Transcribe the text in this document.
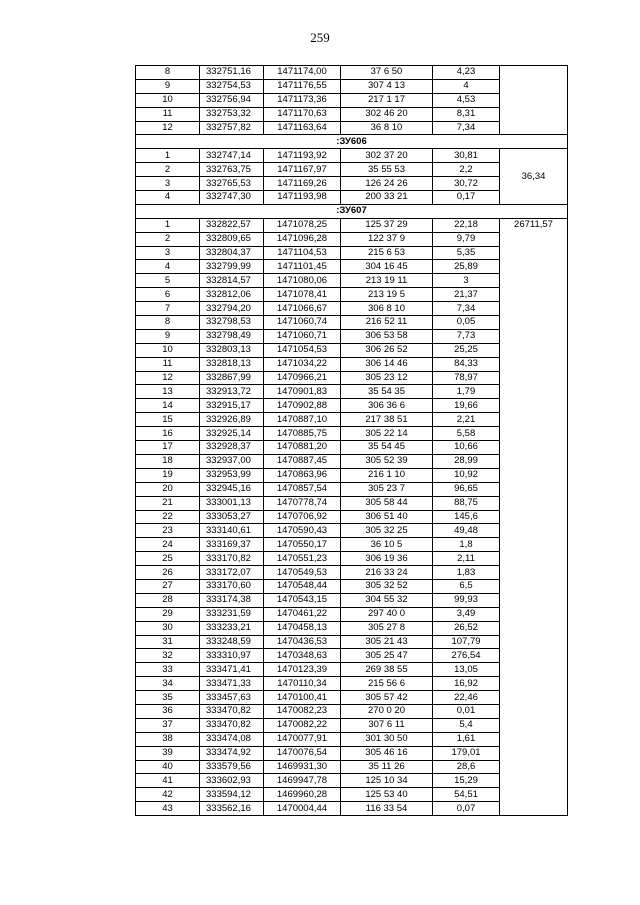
259
8	332751,16	1471174,00	37 6 50	4,23	
9	332754,53	1471176,55	307 4 13	4	
10	332756,94	1471173,36	217 1 17	4,53	
11	332753,32	1471170,63	302 46 20	8,31	
12	332757,82	1471163,64	36 8 10	7,34	
:ЗУ606					
1	332747,14	1471193,92	302 37 20	30,81	36,34
2	332763,75	1471167,97	35 55 53	2,2	
3	332765,53	1471169,26	126 24 26	30,72	
4	332747,30	1471193,98	200 33 21	0,17	
:ЗУ607					
1	332822,57	1471078,25	125 37 29	22,18	26711,57
2	332809,65	1471096,28	122 37 9	9,79	
3	332804,37	1471104,53	215 6 53	5,35	
4	332799,99	1471101,45	304 16 45	25,89	
5	332814,57	1471080,06	213 19 11	3	
6	332812,06	1471078,41	213 19 5	21,37	
7	332794,20	1471066,67	306 8 10	7,34	
8	332798,53	1471060,74	216 52 11	0,05	
9	332798,49	1471060,71	306 53 58	7,73	
10	332803,13	1471054,53	306 26 52	25,25	
11	332818,13	1471034,22	306 14 46	84,33	
12	332867,99	1470966,21	305 23 12	78,97	
13	332913,72	1470901,83	35 54 35	1,79	
14	332915,17	1470902,88	306 36 6	19,66	
15	332926,89	1470887,10	217 38 51	2,21	
16	332925,14	1470885,75	305 22 14	5,58	
17	332928,37	1470881,20	35 54 45	10,66	
18	332937,00	1470887,45	305 52 39	28,99	
19	332953,99	1470863,96	216 1 10	10,92	
20	332945,16	1470857,54	305 23 7	96,65	
21	333001,13	1470778,74	305 58 44	88,75	
22	333053,27	1470706,92	306 51 40	145,6	
23	333140,61	1470590,43	305 32 25	49,48	
24	333169,37	1470550,17	36 10 5	1,8	
25	333170,82	1470551,23	306 19 36	2,11	
26	333172,07	1470549,53	216 33 24	1,83	
27	333170,60	1470548,44	305 32 52	6,5	
28	333174,38	1470543,15	304 55 32	99,93	
29	333231,59	1470461,22	297 40 0	3,49	
30	333233,21	1470458,13	305 27 8	26,52	
31	333248,59	1470436,53	305 21 43	107,79	
32	333310,97	1470348,63	305 25 47	276,54	
33	333471,41	1470123,39	269 38 55	13,05	
34	333471,33	1470110,34	215 56 6	16,92	
35	333457,63	1470100,41	305 57 42	22,46	
36	333470,82	1470082,23	270 0 20	0,01	
37	333470,82	1470082,22	307 6 11	5,4	
38	333474,08	1470077,91	301 30 50	1,61	
39	333474,92	1470076,54	305 46 16	179,01	
40	333579,56	1469931,30	35 11 26	28,6	
41	333602,93	1469947,78	125 10 34	15,29	
42	333594,12	1469960,28	125 53 40	54,51	
43	333562,16	1470004,44	116 33 54	0,07	
